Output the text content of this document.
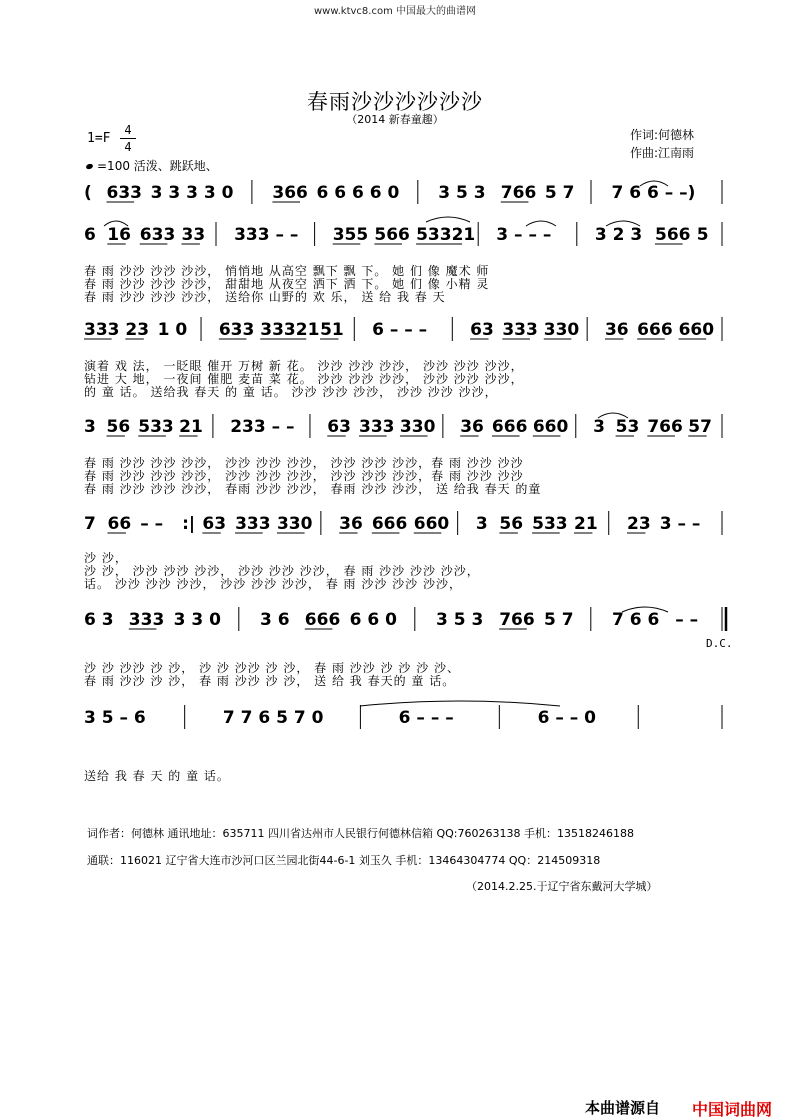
www.ktvc8.com 中国最大的曲谱网
春雨沙沙沙沙沙沙
（2014 新春童趣）
1=F
4
4
作词:何德林
作曲:江南雨
=100 活泼、跳跃地、
( 633 3 3 3 3 0 366 6 6 6 6 0 3 5 3 766 5 7 7 6 6 – –)
6 16 633 33 333 – – 355 566 53321 3 – – –	3 2 3 566 5
333 23 1 0 633 33321 51 6 – – –	63 333 330 36 666 660
3 56 533 21 233 – – 63 333 330 36 666 660 3 53 766 57
7 66 – – :| 63 333 330 36 666 660 3 56 533 21 23 3 – –
6 3 333 3 3 0 3 6 666 6 6 0 3 5 3 766 5 7 7 6 6 – –
3 5 – 6	7 7 6 5 7 0	6 – – –	6 – – 0
春 雨 沙沙 沙沙 沙沙， 悄悄地 从高空 飘下 飘 下。 她 们 像 魔术 师
春 雨 沙沙 沙沙 沙沙， 甜甜地 从夜空 洒下 洒 下。 她 们 像 小精 灵
春 雨 沙沙 沙沙 沙沙， 送给你 山野的 欢 乐， 送 给 我 春 天
演着 戏 法， 一眨眼 催开 万树 新 花。 沙沙 沙沙 沙沙， 沙沙 沙沙 沙沙，
钻进 大 地， 一夜间 催肥 麦苗 菜 花。 沙沙 沙沙 沙沙， 沙沙 沙沙 沙沙，
的 童 话。 送给我 春天 的 童 话。 沙沙 沙沙 沙沙， 沙沙 沙沙 沙沙，
春 雨 沙沙 沙沙 沙沙， 沙沙 沙沙 沙沙， 沙沙 沙沙 沙沙，春 雨 沙沙 沙沙
春 雨 沙沙 沙沙 沙沙， 沙沙 沙沙 沙沙， 沙沙 沙沙 沙沙，春 雨 沙沙 沙沙
春 雨 沙沙 沙沙 沙沙， 春雨 沙沙 沙沙， 春雨 沙沙 沙沙， 送 给我 春天 的童
沙 沙，
沙 沙， 沙沙 沙沙 沙沙， 沙沙 沙沙 沙沙， 春 雨 沙沙 沙沙 沙沙，
话。 沙沙 沙沙 沙沙， 沙沙 沙沙 沙沙， 春 雨 沙沙 沙沙 沙沙，
沙 沙 沙沙 沙 沙， 沙 沙 沙沙 沙 沙， 春 雨 沙沙 沙 沙 沙 沙、
春 雨 沙沙 沙 沙， 春 雨 沙沙 沙 沙， 送 给 我 春天的 童 话。
送给 我 春 天 的 童 话。
D.C.
词作者：何德林 通讯地址：635711 四川省达州市人民银行何德林信箱 QQ:760263138 手机：13518246188
通联：116021 辽宁省大连市沙河口区兰园北街44-6-1 刘玉久 手机：13464304774 QQ：214509318
（2014.2.25.于辽宁省东戴河大学城）
本曲谱源自 中国词曲网
